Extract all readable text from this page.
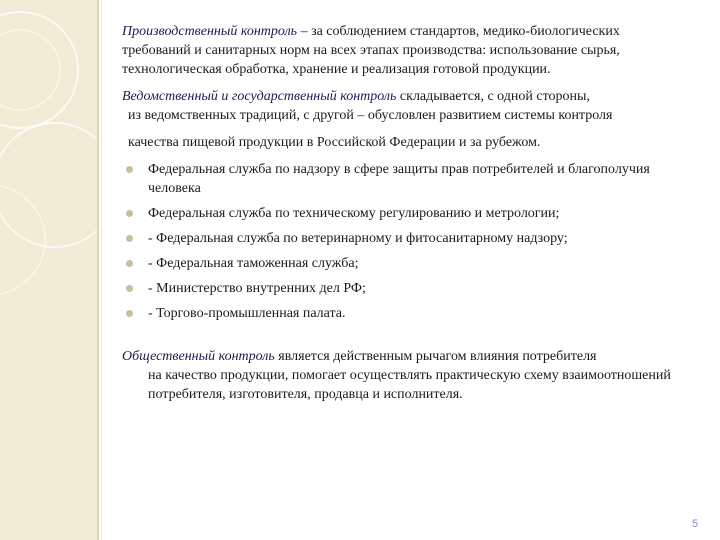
Производственный контроль – за соблюдением стандартов, медико-биологических требований и санитарных норм на всех этапах производства: использование сырья, технологическая обработка, хранение и реализация готовой продукции.

Ведомственный и государственный контроль складывается, с одной стороны,
из ведомственных традиций, с другой – обусловлен развитием системы контроля

качества пищевой продукции в Российской Федерации и за рубежом.

Федеральная служба по надзору в сфере защиты прав потребителей и благополучия человека
Федеральная служба по техническому регулированию и метрологии;
- Федеральная служба по ветеринарному и фитосанитарному надзору;
- Федеральная таможенная служба;
- Министерство внутренних дел РФ;
- Торгово-промышленная палата.

Общественный контроль является действенным рычагом влияния потребителя
на качество продукции, помогает осуществлять практическую схему взаимоотношений потребителя, изготовителя, продавца и исполнителя.

5
